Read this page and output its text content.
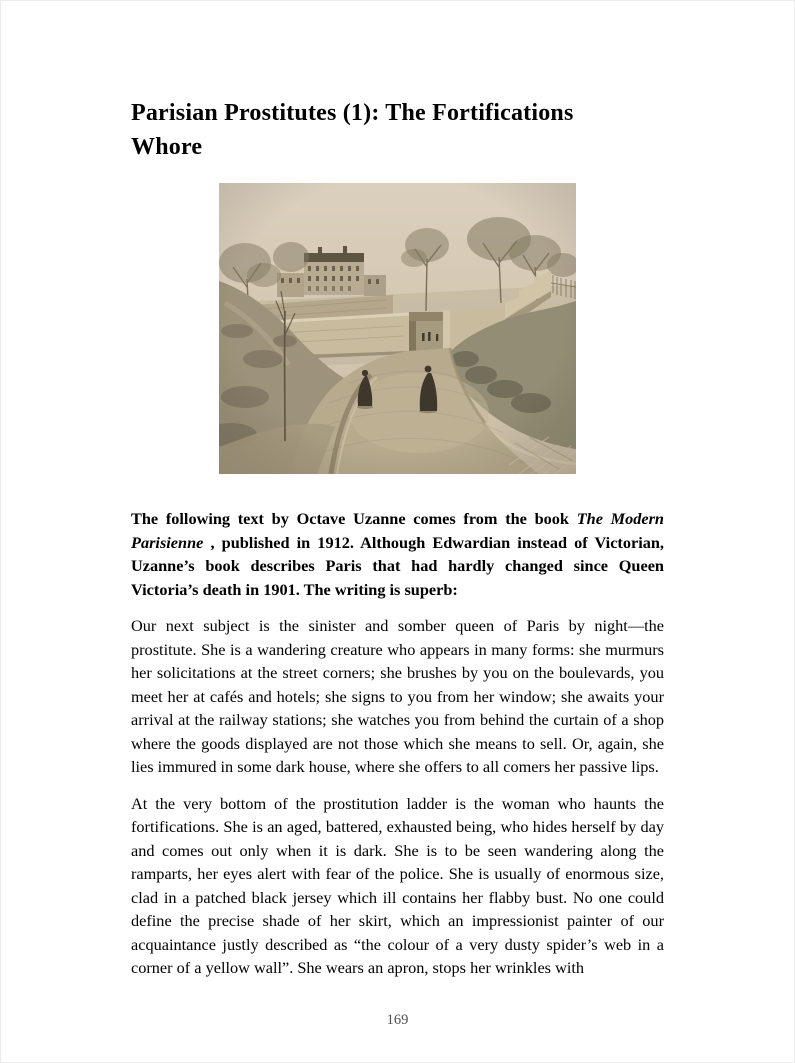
Parisian Prostitutes (1): The Fortifications
Whore

The following text by Octave Uzanne comes from the book The Modern Parisienne , published in 1912. Although Edwardian instead of Victorian, Uzanne’s book describes Paris that had hardly changed since Queen Victoria’s death in 1901. The writing is superb:

Our next subject is the sinister and somber queen of Paris by night—the prostitute. She is a wandering creature who appears in many forms: she murmurs her solicitations at the street corners; she brushes by you on the boulevards, you meet her at cafés and hotels; she signs to you from her window; she awaits your arrival at the railway stations; she watches you from behind the curtain of a shop where the goods displayed are not those which she means to sell. Or, again, she lies immured in some dark house, where she offers to all comers her passive lips.

At the very bottom of the prostitution ladder is the woman who haunts the fortifications. She is an aged, battered, exhausted being, who hides herself by day and comes out only when it is dark. She is to be seen wandering along the ramparts, her eyes alert with fear of the police. She is usually of enormous size, clad in a patched black jersey which ill contains her flabby bust. No one could define the precise shade of her skirt, which an impressionist painter of our acquaintance justly described as “the colour of a very dusty spider’s web in a corner of a yellow wall”. She wears an apron, stops her wrinkles with

169
